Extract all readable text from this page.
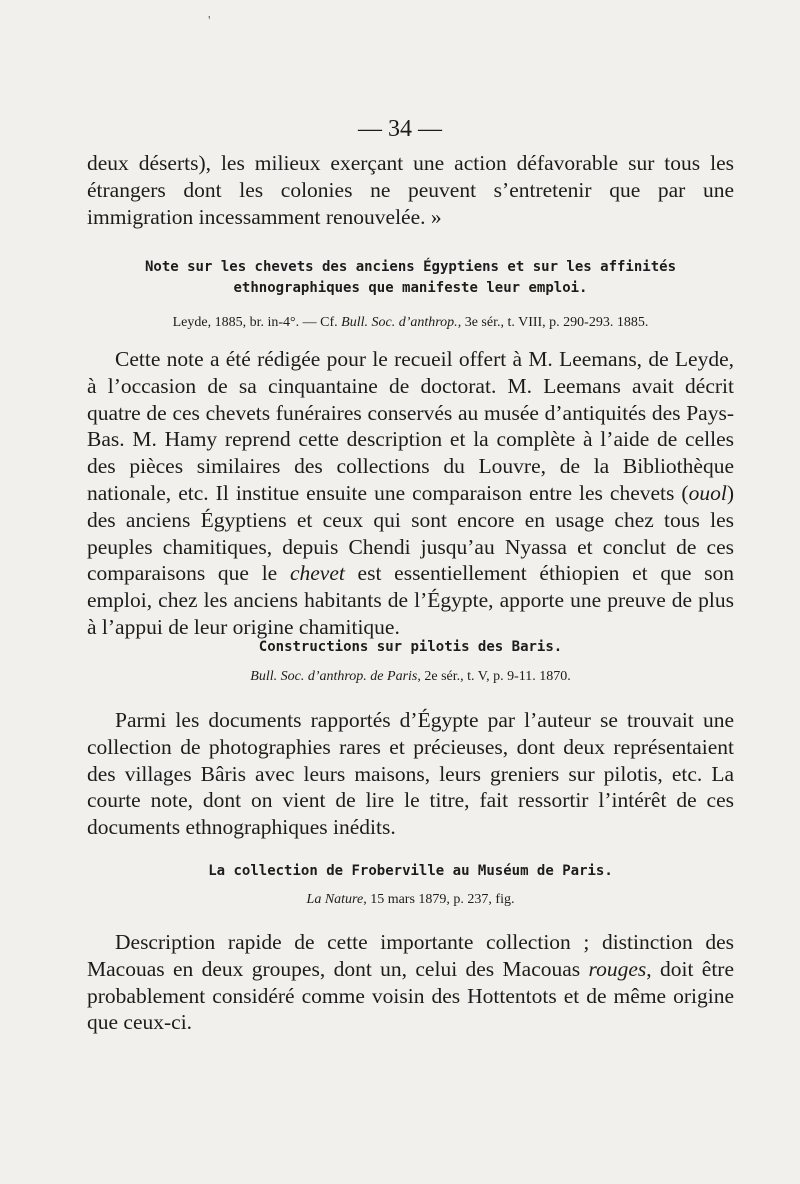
'
— 34 —

deux déserts), les milieux exerçant une action défavorable sur tous les étrangers dont les colonies ne peuvent s’entretenir que par une immigration incessamment renouvelée. »

Note sur les chevets des anciens Égyptiens et sur les affinités
ethnographiques que manifeste leur emploi.
Leyde, 1885, br. in-4°. — Cf. Bull. Soc. d’anthrop., 3e sér., t. VIII, p. 290-293. 1885.

Cette note a été rédigée pour le recueil offert à M. Leemans, de Leyde, à l’occasion de sa cinquantaine de doctorat. M. Leemans avait décrit quatre de ces chevets funéraires conservés au musée d’antiquités des Pays-Bas. M. Hamy reprend cette description et la complète à l’aide de celles des pièces similaires des collections du Louvre, de la Bibliothèque nationale, etc. Il institue ensuite une comparaison entre les chevets (ouol) des anciens Égyptiens et ceux qui sont encore en usage chez tous les peuples chamitiques, depuis Chendi jusqu’au Nyassa et conclut de ces comparaisons que le chevet est essentiellement éthiopien et que son emploi, chez les anciens habitants de l’Égypte, apporte une preuve de plus à l’appui de leur origine chamitique.

Constructions sur pilotis des Baris.
Bull. Soc. d’anthrop. de Paris, 2e sér., t. V, p. 9-11. 1870.

Parmi les documents rapportés d’Égypte par l’auteur se trouvait une collection de photographies rares et précieuses, dont deux représentaient des villages Bâris avec leurs maisons, leurs greniers sur pilotis, etc. La courte note, dont on vient de lire le titre, fait ressortir l’intérêt de ces documents ethnographiques inédits.

La collection de Froberville au Muséum de Paris.
La Nature, 15 mars 1879, p. 237, fig.

Description rapide de cette importante collection ; distinction des Macouas en deux groupes, dont un, celui des Macouas rouges, doit être probablement considéré comme voisin des Hottentots et de même origine que ceux-ci.
